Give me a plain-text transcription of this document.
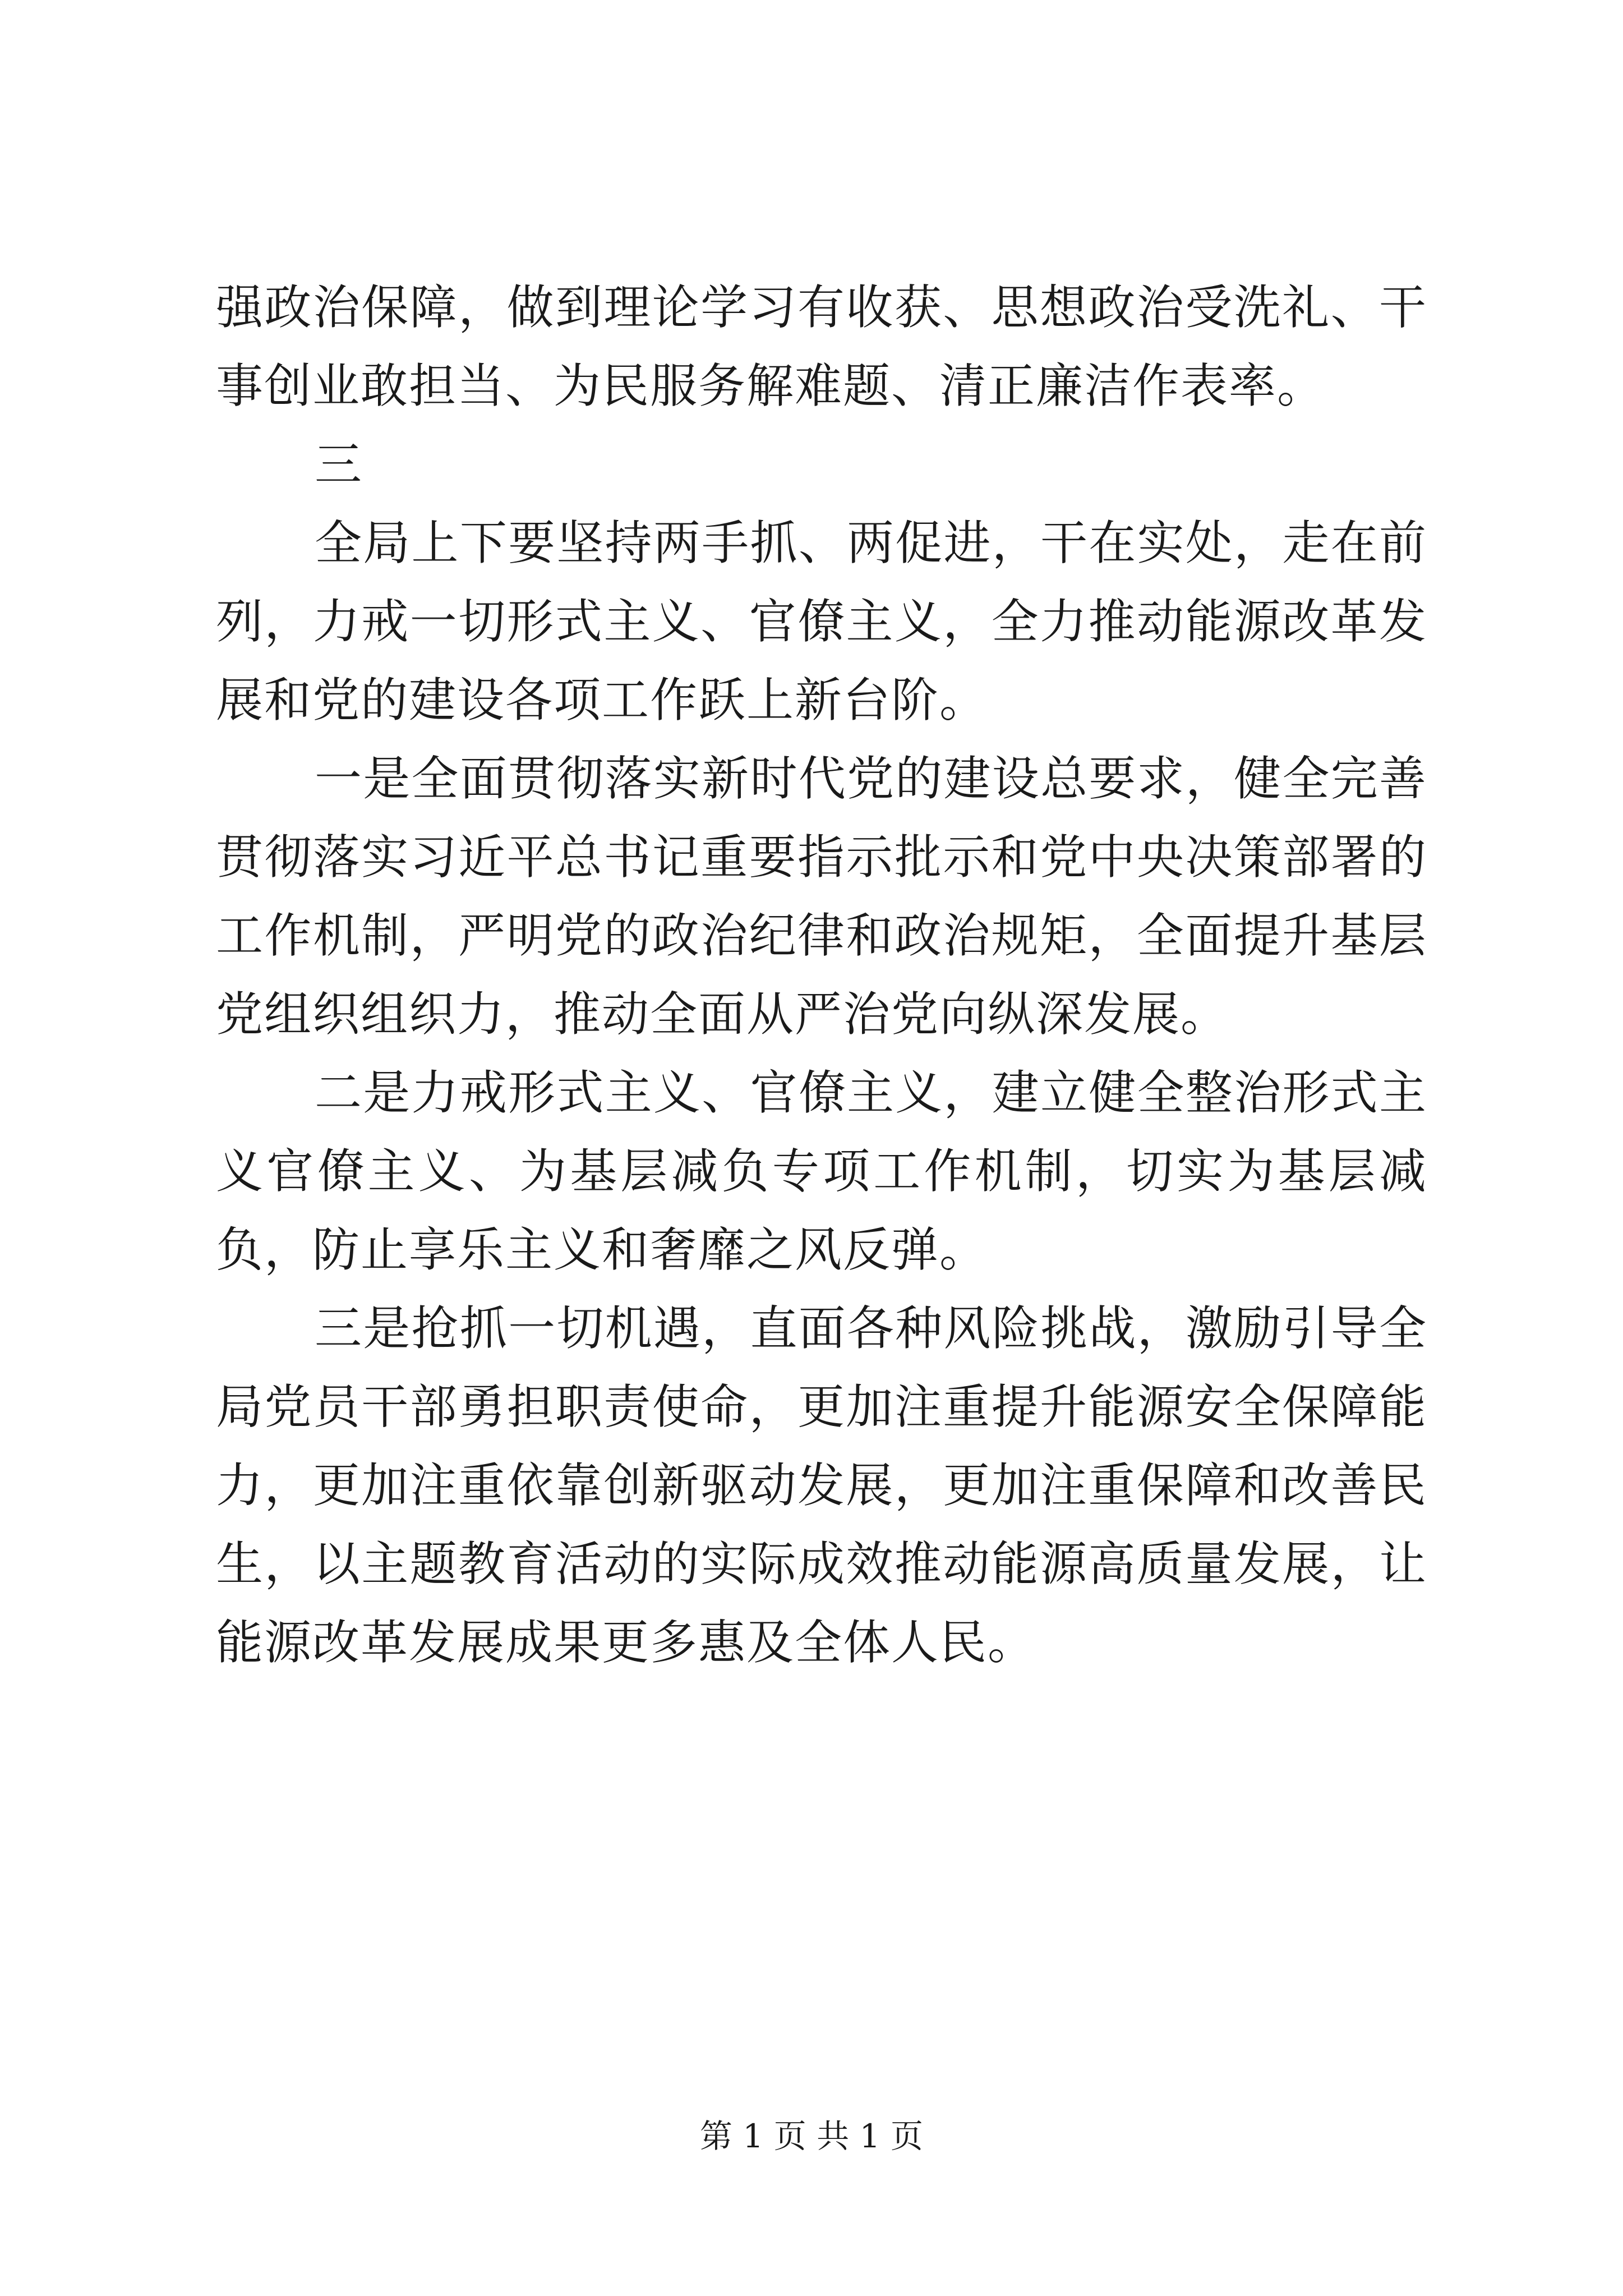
强政治保障，做到理论学习有收获、思想政治受洗礼、干事创业敢担当、为民服务解难题、清正廉洁作表率。

三

全局上下要坚持两手抓、两促进，干在实处，走在前列，力戒一切形式主义、官僚主义，全力推动能源改革发展和党的建设各项工作跃上新台阶。

一是全面贯彻落实新时代党的建设总要求，健全完善贯彻落实习近平总书记重要指示批示和党中央决策部署的工作机制，严明党的政治纪律和政治规矩，全面提升基层党组织组织力，推动全面从严治党向纵深发展。

二是力戒形式主义、官僚主义，建立健全整治形式主义官僚主义、为基层减负专项工作机制，切实为基层减负，防止享乐主义和奢靡之风反弹。

三是抢抓一切机遇，直面各种风险挑战，激励引导全局党员干部勇担职责使命，更加注重提升能源安全保障能力，更加注重依靠创新驱动发展，更加注重保障和改善民生，以主题教育活动的实际成效推动能源高质量发展，让能源改革发展成果更多惠及全体人民。

第 1 页 共 1 页
